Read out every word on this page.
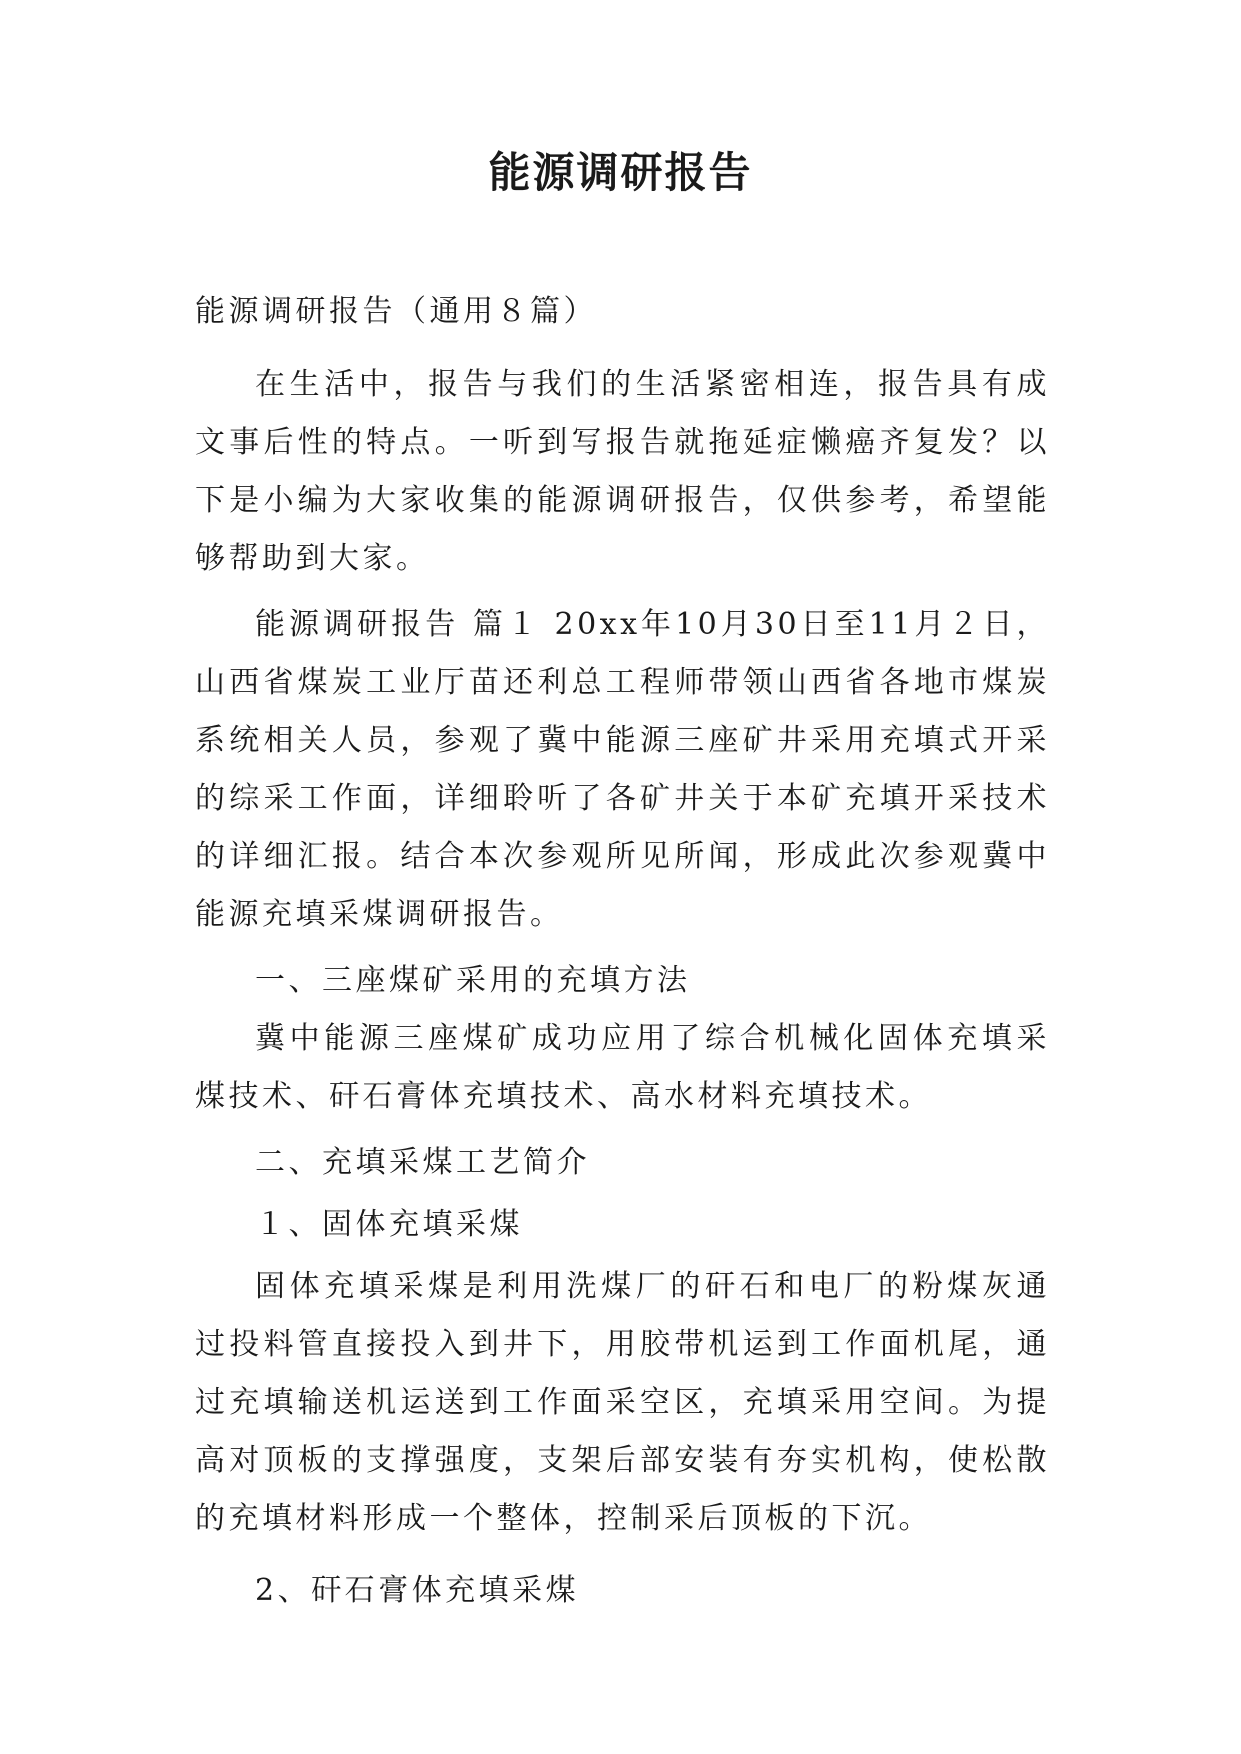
能源调研报告

能源调研报告（通用８篇）

在生活中，报告与我们的生活紧密相连，报告具有成文事后性的特点。一听到写报告就拖延症懒癌齐复发？以下是小编为大家收集的能源调研报告，仅供参考，希望能够帮助到大家。

能源调研报告 篇１ 20xx年10月30日至11月２日，山西省煤炭工业厅苗还利总工程师带领山西省各地市煤炭系统相关人员，参观了冀中能源三座矿井采用充填式开采的综采工作面，详细聆听了各矿井关于本矿充填开采技术的详细汇报。结合本次参观所见所闻，形成此次参观冀中能源充填采煤调研报告。

一、三座煤矿采用的充填方法

冀中能源三座煤矿成功应用了综合机械化固体充填采煤技术、矸石膏体充填技术、高水材料充填技术。

二、充填采煤工艺简介

１、固体充填采煤

固体充填采煤是利用洗煤厂的矸石和电厂的粉煤灰通过投料管直接投入到井下，用胶带机运到工作面机尾，通过充填输送机运送到工作面采空区，充填采用空间。为提高对顶板的支撑强度，支架后部安装有夯实机构，使松散的充填材料形成一个整体，控制采后顶板的下沉。

2、矸石膏体充填采煤
